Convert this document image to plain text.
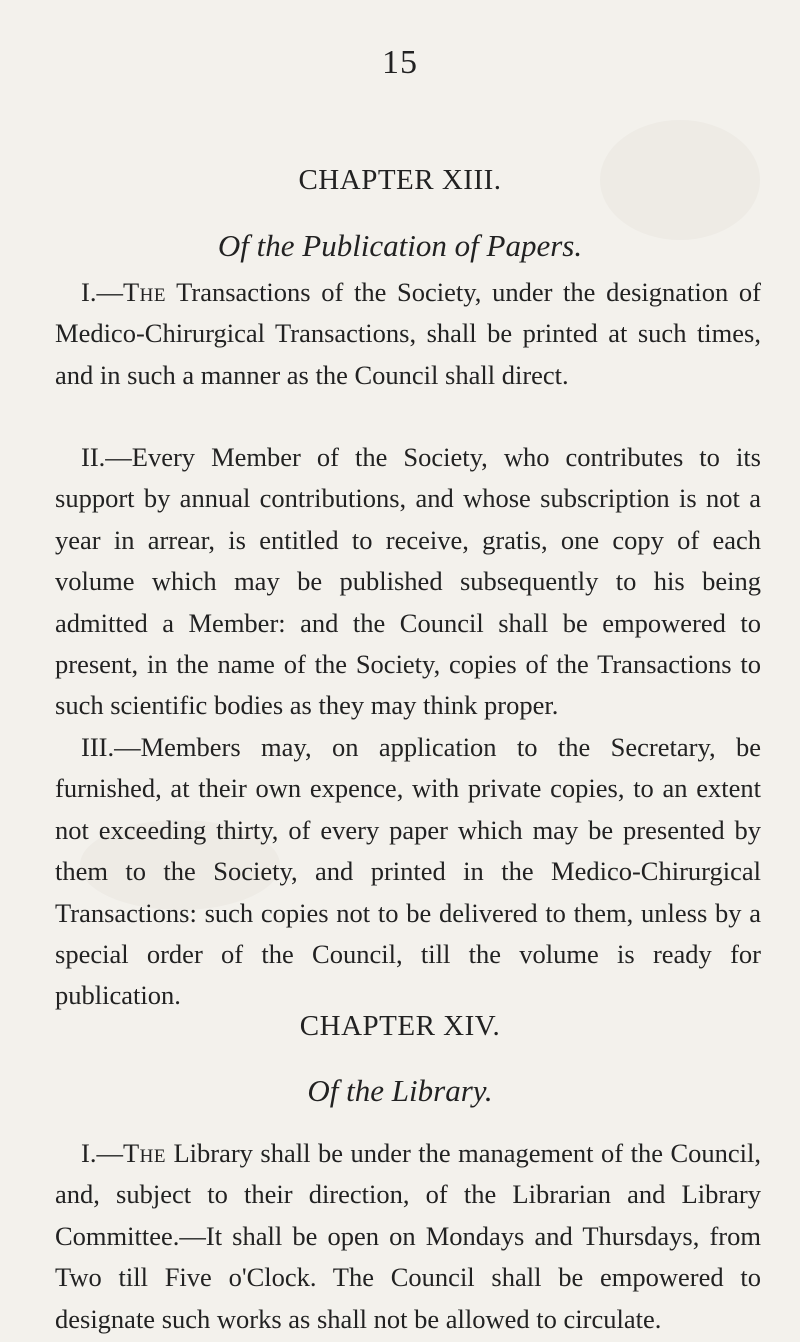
15
CHAPTER XIII.
Of the Publication of Papers.

I.—The Transactions of the Society, under the designation of Medico-Chirurgical Transactions, shall be printed at such times, and in such a manner as the Council shall direct.

II.—Every Member of the Society, who contributes to its support by annual contributions, and whose subscription is not a year in arrear, is entitled to receive, gratis, one copy of each volume which may be published subsequently to his being admitted a Member: and the Council shall be empowered to present, in the name of the Society, copies of the Transactions to such scientific bodies as they may think proper.

III.—Members may, on application to the Secretary, be furnished, at their own expence, with private copies, to an extent not exceeding thirty, of every paper which may be presented by them to the Society, and printed in the Medico-Chirurgical Transactions: such copies not to be delivered to them, unless by a special order of the Council, till the volume is ready for publication.

CHAPTER XIV.
Of the Library.

I.—The Library shall be under the management of the Council, and, subject to their direction, of the Librarian and Library Committee.—It shall be open on Mondays and Thursdays, from Two till Five o'Clock. The Council shall be empowered to designate such works as shall not be allowed to circulate.
